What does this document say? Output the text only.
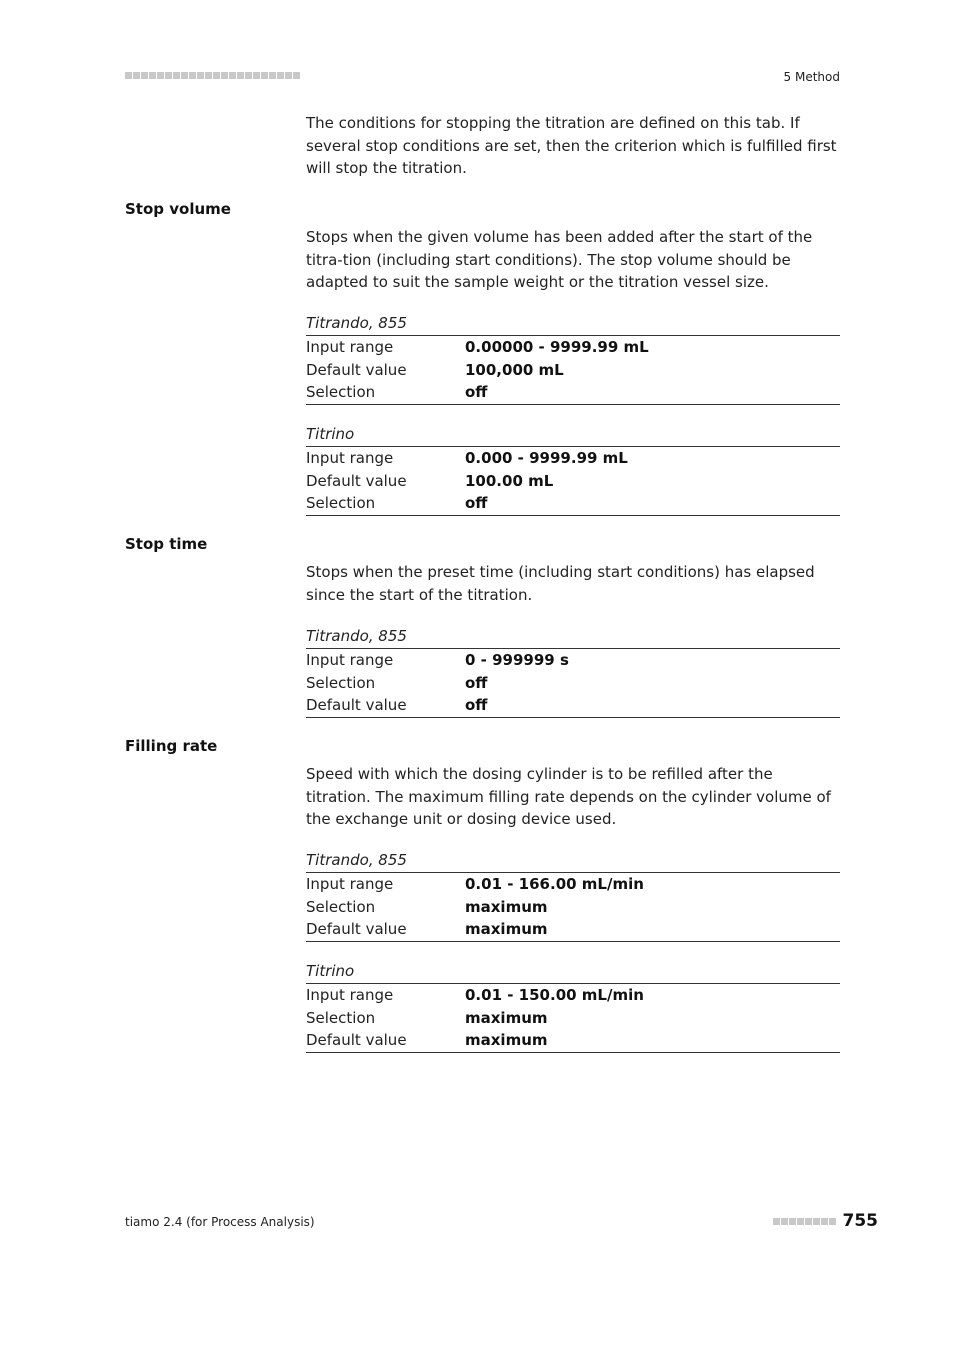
5 Method
The conditions for stopping the titration are defined on this tab. If several stop conditions are set, then the criterion which is fulfilled first will stop the titration.
Stop volume
Stops when the given volume has been added after the start of the titra-tion (including start conditions). The stop volume should be adapted to suit the sample weight or the titration vessel size.
Titrando, 855
Input range	0.00000 - 9999.99 mL
Default value	100,000 mL
Selection	off
Titrino
Input range	0.000 - 9999.99 mL
Default value	100.00 mL
Selection	off
Stop time
Stops when the preset time (including start conditions) has elapsed since the start of the titration.
Titrando, 855
Input range	0 - 999999 s
Selection	off
Default value	off
Filling rate
Speed with which the dosing cylinder is to be refilled after the titration. The maximum filling rate depends on the cylinder volume of the exchange unit or dosing device used.
Titrando, 855
Input range	0.01 - 166.00 mL/min
Selection	maximum
Default value	maximum
Titrino
Input range	0.01 - 150.00 mL/min
Selection	maximum
Default value	maximum
tiamo 2.4 (for Process Analysis)	755
